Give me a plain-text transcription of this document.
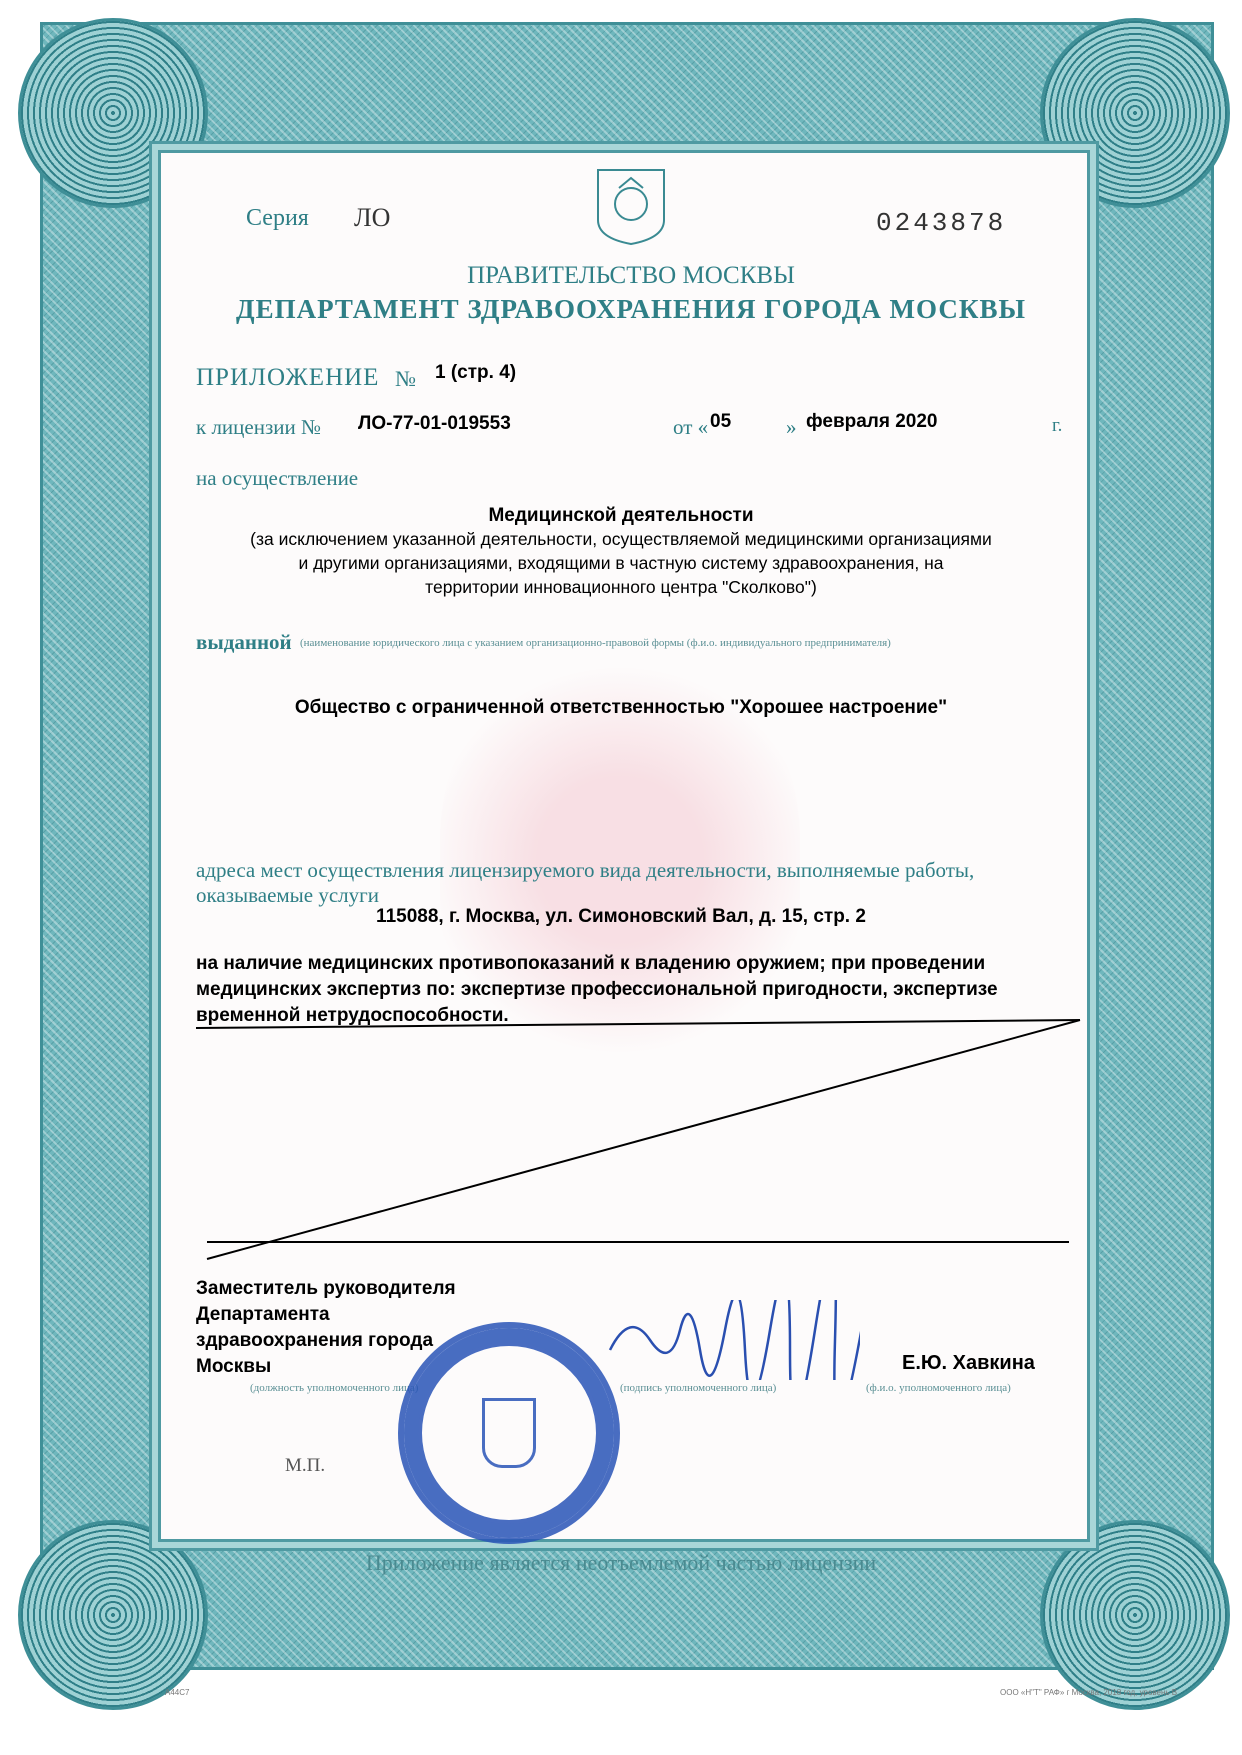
Серия ЛО	0243878
ПРАВИТЕЛЬСТВО МОСКВЫ
ДЕПАРТАМЕНТ ЗДРАВООХРАНЕНИЯ ГОРОДА МОСКВЫ
ПРИЛОЖЕНИЕ № 1 (стр. 4)
к лицензии № ЛО-77-01-019553	от « 05	» февраля 2020	г.
на осуществление
Медицинской деятельности
(за исключением указанной деятельности, осуществляемой медицинскими организациями
и другими организациями, входящими в частную систему здравоохранения, на
территории инновационного центра "Сколково")
выданной (наименование юридического лица с указанием организационно-правовой формы (ф.и.о. индивидуального предпринимателя)
Общество с ограниченной ответственностью "Хорошее настроение"
адреса мест осуществления лицензируемого вида деятельности, выполняемые работы,
оказываемые услуги
115088, г. Москва, ул. Симоновский Вал, д. 15, стр. 2
на наличие медицинских противопоказаний к владению оружием; при проведении
медицинских экспертиз по: экспертизе профессиональной пригодности, экспертизе
временной нетрудоспособности.
Заместитель руководителя
Департамента
здравоохранения города
Москвы	Е.Ю. Хавкина
(должность уполномоченного лица)	(подпись уполномоченного лица)	(ф.и.о. уполномоченного лица)
М.П.
Приложение является неотъемлемой частью лицензии
A44C7	ООО «Н"Т" РАФ» г Москва, 2018 год, уровень В
